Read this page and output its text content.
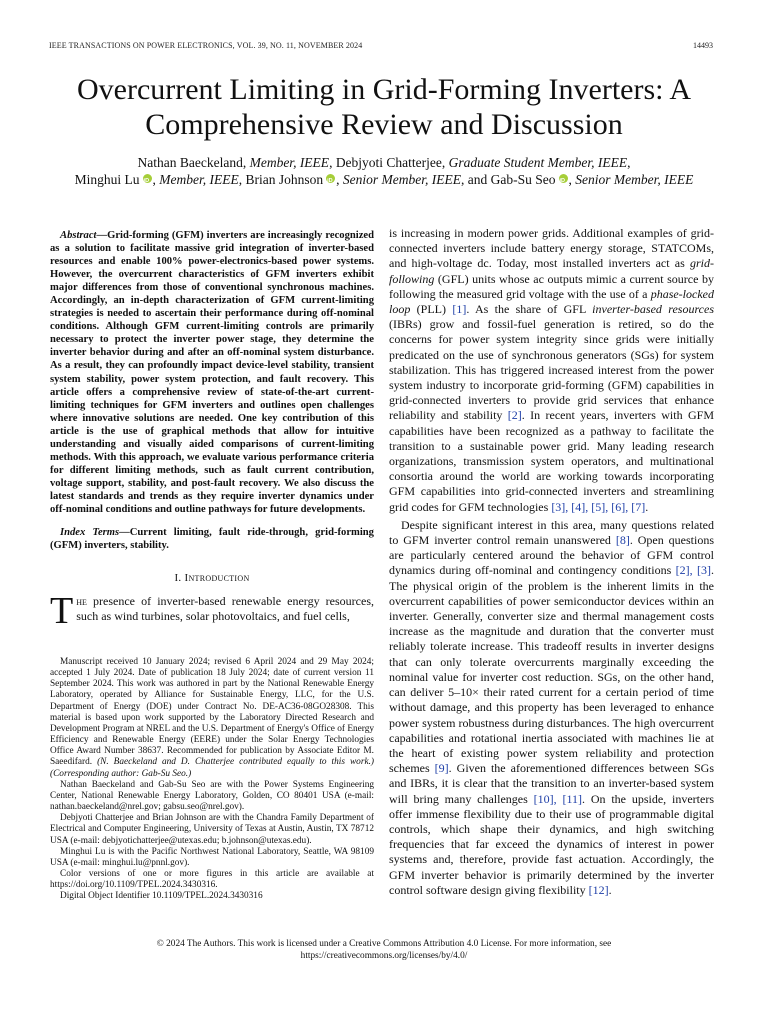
IEEE TRANSACTIONS ON POWER ELECTRONICS, VOL. 39, NO. 11, NOVEMBER 2024	14493
Overcurrent Limiting in Grid-Forming Inverters: A
Comprehensive Review and Discussion
Nathan Baeckeland, Member, IEEE, Debjyoti Chatterjee, Graduate Student Member, IEEE,
Minghui Lu iD , Member, IEEE, Brian Johnson iD , Senior Member, IEEE, and Gab-Su Seo iD , Senior Member, IEEE

Abstract—Grid-forming (GFM) inverters are increasingly recognized as a solution to facilitate massive grid integration of inverter-based resources and enable 100% power-electronics-based power systems. However, the overcurrent characteristics of GFM inverters exhibit major differences from those of conventional synchronous machines. Accordingly, an in-depth characterization of GFM current-limiting strategies is needed to ascertain their performance during off-nominal conditions. Although GFM current-limiting controls are primarily necessary to protect the inverter power stage, they determine the inverter behavior during and after an off-nominal system disturbance. As a result, they can profoundly impact device-level stability, transient system stability, power system protection, and fault recovery. This article offers a comprehensive review of state-of-the-art current-limiting techniques for GFM inverters and outlines open challenges where innovative solutions are needed. One key contribution of this article is the use of graphical methods that allow for intuitive understanding and visually aided comparisons of current-limiting methods. With this approach, we evaluate various performance criteria for different limiting methods, such as fault current contribution, voltage support, stability, and post-fault recovery. We also discuss the latest standards and trends as they require inverter dynamics under off-nominal conditions and outline pathways for future developments.

Index Terms—Current limiting, fault ride-through, grid-forming (GFM) inverters, stability.

I. Introduction

The presence of inverter-based renewable energy resources, such as wind turbines, solar photovoltaics, and fuel cells,

Manuscript received 10 January 2024; revised 6 April 2024 and 29 May 2024; accepted 1 July 2024. Date of publication 18 July 2024; date of current version 11 September 2024. This work was authored in part by the National Renewable Energy Laboratory, operated by Alliance for Sustainable Energy, LLC, for the U.S. Department of Energy (DOE) under Contract No. DE-AC36-08GO28308. This material is based upon work supported by the Laboratory Directed Research and Development Program at NREL and the U.S. Department of Energy's Office of Energy Efficiency and Renewable Energy (EERE) under the Solar Energy Technologies Office Award Number 38637. Recommended for publication by Associate Editor M. Saeedifard. (N. Baeckeland and D. Chatterjee contributed equally to this work.) (Corresponding author: Gab-Su Seo.)

Nathan Baeckeland and Gab-Su Seo are with the Power Systems Engineering Center, National Renewable Energy Laboratory, Golden, CO 80401 USA (e-mail: nathan.baeckeland@nrel.gov; gabsu.seo@nrel.gov).

Debjyoti Chatterjee and Brian Johnson are with the Chandra Family Department of Electrical and Computer Engineering, University of Texas at Austin, Austin, TX 78712 USA (e-mail: debjyotichatterjee@utexas.edu; b.johnson@utexas.edu).

Minghui Lu is with the Pacific Northwest National Laboratory, Seattle, WA 98109 USA (e-mail: minghui.lu@pnnl.gov).

Color versions of one or more figures in this article are available at https://doi.org/10.1109/TPEL.2024.3430316.

Digital Object Identifier 10.1109/TPEL.2024.3430316

is increasing in modern power grids. Additional examples of grid-connected inverters include battery energy storage, STATCOMs, and high-voltage dc. Today, most installed inverters act as grid-following (GFL) units whose ac outputs mimic a current source by following the measured grid voltage with the use of a phase-locked loop (PLL) [1]. As the share of GFL inverter-based resources (IBRs) grow and fossil-fuel generation is retired, so do the concerns for power system integrity since grids were initially predicated on the use of synchronous generators (SGs) for system stabilization. This has triggered increased interest from the power system industry to incorporate grid-forming (GFM) capabilities in grid-connected inverters to provide grid services that enhance reliability and stability [2]. In recent years, inverters with GFM capabilities have been recognized as a pathway to facilitate the transition to a sustainable power grid. Many leading research organizations, transmission system operators, and multinational consortia around the world are working towards incorporating GFM capabilities into grid-connected inverters and streamlining grid codes for GFM technologies [3], [4], [5], [6], [7].

Despite significant interest in this area, many questions related to GFM inverter control remain unanswered [8]. Open questions are particularly centered around the behavior of GFM control dynamics during off-nominal and contingency conditions [2], [3]. The physical origin of the problem is the inherent limits in the overcurrent capabilities of power semiconductor devices within an inverter. Generally, converter size and thermal management costs increase as the magnitude and duration that the converter must reliably tolerate increase. This tradeoff results in inverter designs that can only tolerate overcurrents marginally exceeding the nominal value for inverter cost reduction. SGs, on the other hand, can deliver 5–10× their rated current for a certain period of time without damage, and this property has been leveraged to enhance power system robustness during disturbances. The high overcurrent capabilities and rotational inertia associated with machines lie at the heart of existing power system reliability and protection schemes [9]. Given the aforementioned differences between SGs and IBRs, it is clear that the transition to an inverter-based system will bring many challenges [10], [11]. On the upside, inverters offer immense flexibility due to their use of programmable digital controls, which shape their dynamics, and high switching frequencies that far exceed the dynamics of interest in power systems and, therefore, provide fast actuation. Accordingly, the GFM inverter behavior is primarily determined by the inverter control software design giving flexibility [12].

© 2024 The Authors. This work is licensed under a Creative Commons Attribution 4.0 License. For more information, see
https://creativecommons.org/licenses/by/4.0/
